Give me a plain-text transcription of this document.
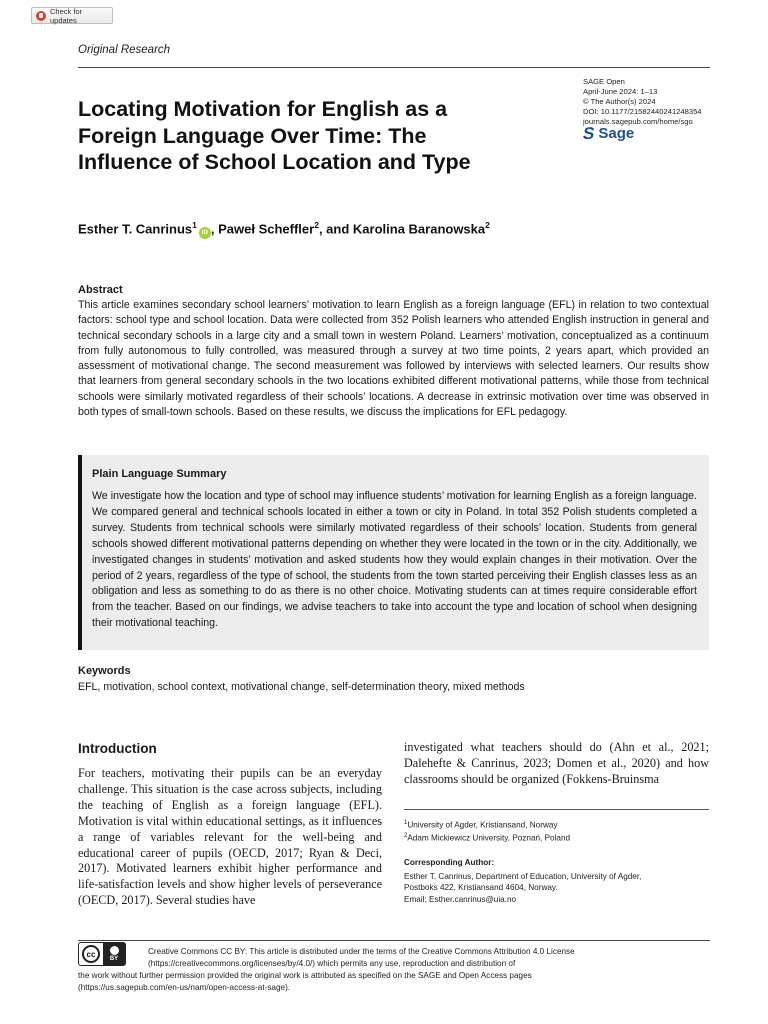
Check for updates
Original Research
SAGE Open
April-June 2024: 1–13
© The Author(s) 2024
DOI: 10.1177/21582440241248354
journals.sagepub.com/home/sgo
S Sage
Locating Motivation for English as a Foreign Language Over Time: The Influence of School Location and Type
Esther T. Canrinus$^1$iD , Paweł Scheffler$^2$, and Karolina Baranowska$^2$
Abstract

This article examines secondary school learners’ motivation to learn English as a foreign language (EFL) in relation to two contextual factors: school type and school location. Data were collected from 352 Polish learners who attended English instruction in general and technical secondary schools in a large city and a small town in western Poland. Learners’ motivation, conceptualized as a continuum from fully autonomous to fully controlled, was measured through a survey at two time points, 2 years apart, which provided an assessment of motivational change. The second measurement was followed by interviews with selected learners. Our results show that learners from general secondary schools in the two locations exhibited different motivational patterns, while those from technical schools were similarly motivated regardless of their schools’ locations. A decrease in extrinsic motivation over time was observed in both types of small-town schools. Based on these results, we discuss the implications for EFL pedagogy.

Plain Language Summary

We investigate how the location and type of school may influence students’ motivation for learning English as a foreign language. We compared general and technical schools located in either a town or city in Poland. In total 352 Polish students completed a survey. Students from technical schools were similarly motivated regardless of their schools’ location. Students from general schools showed different motivational patterns depending on whether they were located in the town or in the city. Additionally, we investigated changes in students’ motivation and asked students how they would explain changes in their motivation. Over the period of 2 years, regardless of the type of school, the students from the town started perceiving their English classes less as an obligation and less as something to do as there is no other choice. Motivating students can at times require considerable effort from the teacher. Based on our findings, we advise teachers to take into account the type and location of school when designing their motivational teaching.

Keywords
EFL, motivation, school context, motivational change, self-determination theory, mixed methods
Introduction

For teachers, motivating their pupils can be an everyday challenge. This situation is the case across subjects, including the teaching of English as a foreign language (EFL). Motivation is vital within educational settings, as it influences a range of variables relevant for the well-being and educational career of pupils (OECD, 2017; Ryan & Deci, 2017). Motivated learners exhibit higher performance and life-satisfaction levels and show higher levels of perseverance (OECD, 2017). Several studies have

investigated what teachers should do (Ahn et al., 2021; Dalehefte & Canrinus, 2023; Domen et al., 2020) and how classrooms should be organized (Fokkens-Bruinsma

$^1$University of Agder, Kristiansand, Norway
$^2$Adam Mickiewicz University, Poznań, Poland
Corresponding Author:
Esther T. Canrinus, Department of Education, University of Agder,
Postboks 422, Kristiansand 4604, Norway.
Email: Esther.canrinus@uia.no
cc
BY
Creative Commons CC BY: This article is distributed under the terms of the Creative Commons Attribution 4.0 License
(https://creativecommons.org/licenses/by/4.0/) which permits any use, reproduction and distribution of
the work without further permission provided the original work is attributed as specified on the SAGE and Open Access pages
(https://us.sagepub.com/en-us/nam/open-access-at-sage).
